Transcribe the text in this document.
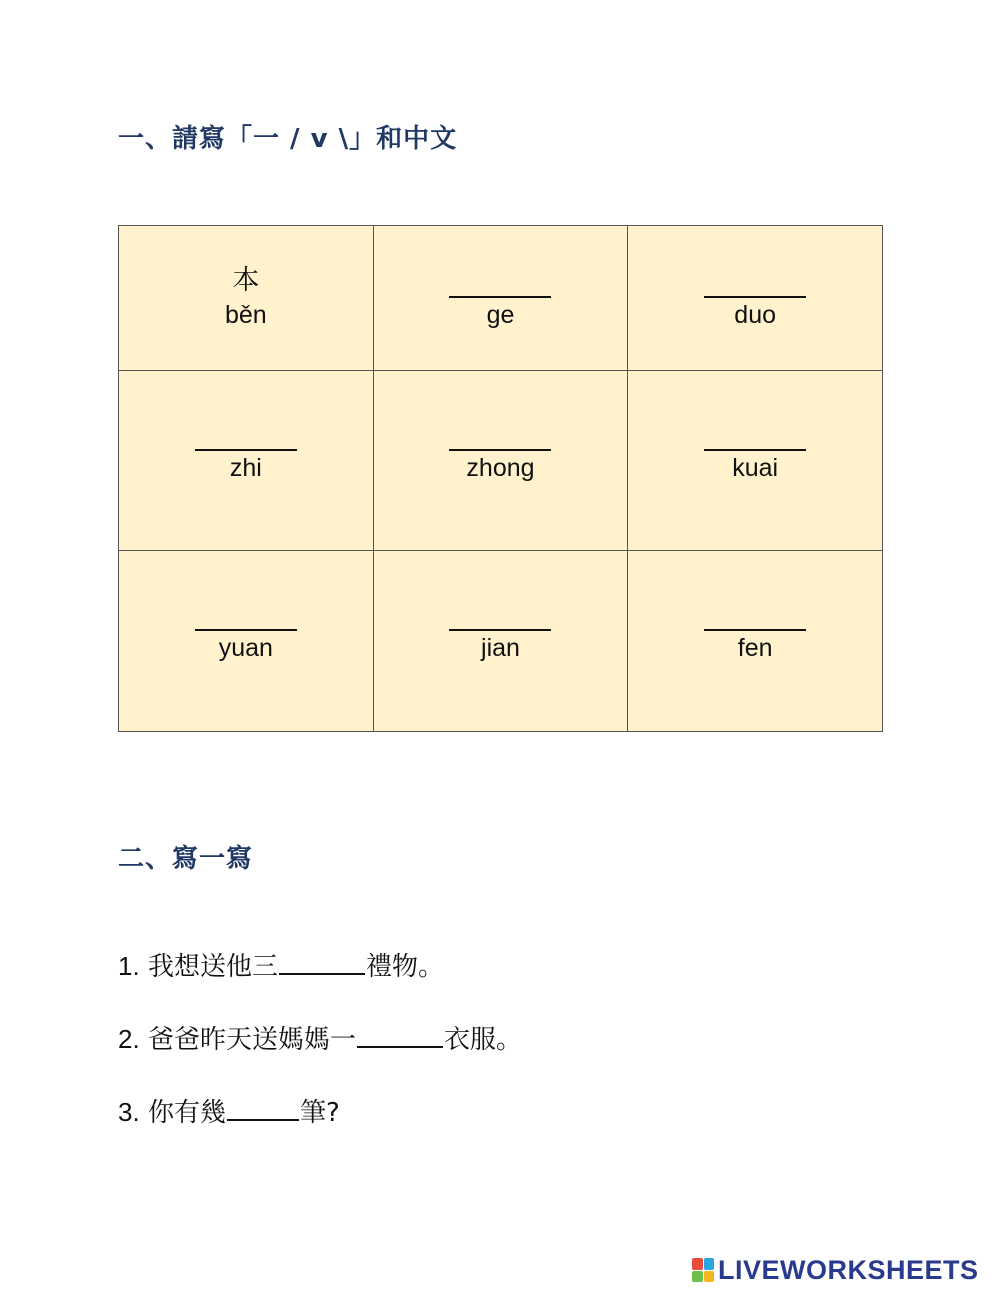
一、請寫「一 / v \」和中文
本
běn	ge	duo

zhi	zhong	kuai

yuan	jian	fen
二、寫一寫
1. 我想送他三	禮物。
2. 爸爸昨天送媽媽一	衣服。
3. 你有幾	筆?
LIVEWORKSHEETS
